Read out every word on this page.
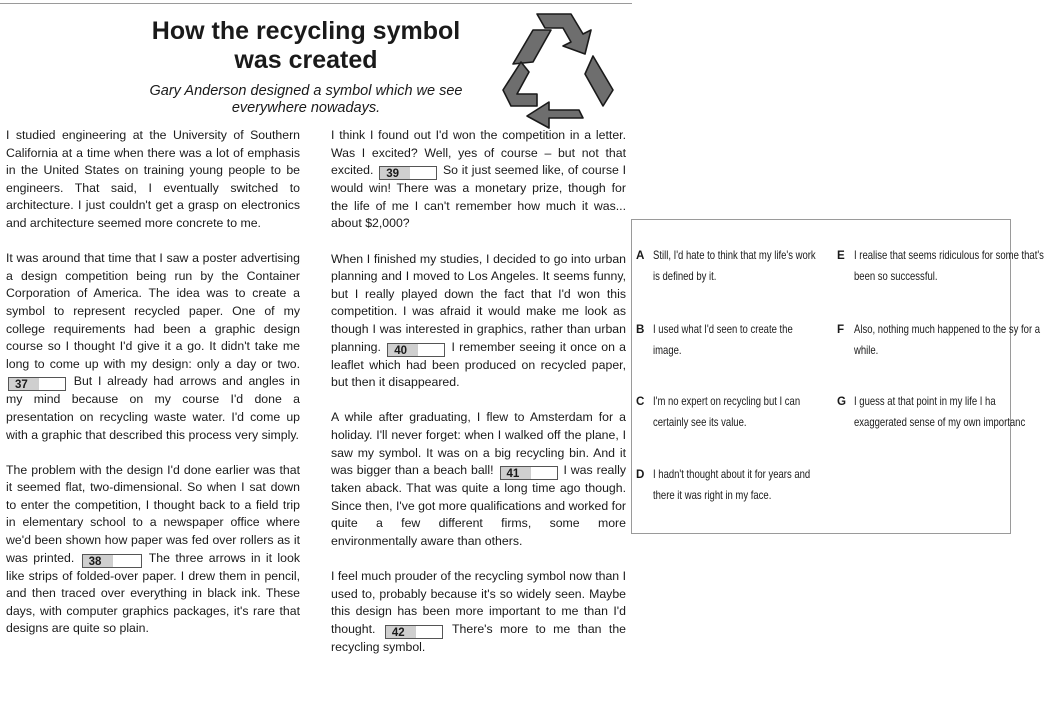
How the recycling symbol was created
Gary Anderson designed a symbol which we see everywhere nowadays.

I studied engineering at the University of Southern California at a time when there was a lot of emphasis in the United States on training young people to be engineers. That said, I eventually switched to architecture. I just couldn't get a grasp on electronics and architecture seemed more concrete to me.

It was around that time that I saw a poster advertising a design competition being run by the Container Corporation of America. The idea was to create a symbol to represent recycled paper. One of my college requirements had been a graphic design course so I thought I'd give it a go. It didn't take me long to come up with my design: only a day or two. 37	But I already had arrows and angles in my mind because on my course I'd done a presentation on recycling waste water. I'd come up with a graphic that described this process very simply.

The problem with the design I'd done earlier was that it seemed flat, two-dimensional. So when I sat down to enter the competition, I thought back to a field trip in elementary school to a newspaper office where we'd been shown how paper was fed over rollers as it was printed. 38	The three arrows in it look like strips of folded-over paper. I drew them in pencil, and then traced over everything in black ink. These days, with computer graphics packages, it's rare that designs are quite so plain.

I think I found out I'd won the competition in a letter. Was I excited? Well, yes of course – but not that excited. 39	So it just seemed like, of course I would win! There was a monetary prize, though for the life of me I can't remember how much it was... about $2,000?

When I finished my studies, I decided to go into urban planning and I moved to Los Angeles. It seems funny, but I really played down the fact that I'd won this competition. I was afraid it would make me look as though I was interested in graphics, rather than urban planning. 40	I remember seeing it once on a leaflet which had been produced on recycled paper, but then it disappeared.

A while after graduating, I flew to Amsterdam for a holiday. I'll never forget: when I walked off the plane, I saw my symbol. It was on a big recycling bin. And it was bigger than a beach ball! 41	I was really taken aback. That was quite a long time ago though. Since then, I've got more qualifications and worked for quite a few different firms, some more environmentally aware than others.

I feel much prouder of the recycling symbol now than I used to, probably because it's so widely seen. Maybe this design has been more important to me than I'd thought. 42	There's more to me than the recycling symbol.

A Still, I'd hate to think that my life's work is defined by it.
B I used what I'd seen to create the image.
C I'm no expert on recycling but I can certainly see its value.
D I hadn't thought about it for years and there it was right in my face.
E I realise that seems ridiculous for some that's been so successful.
F Also, nothing much happened to the sy for a while.
G I guess at that point in my life I ha exaggerated sense of my own importanc
